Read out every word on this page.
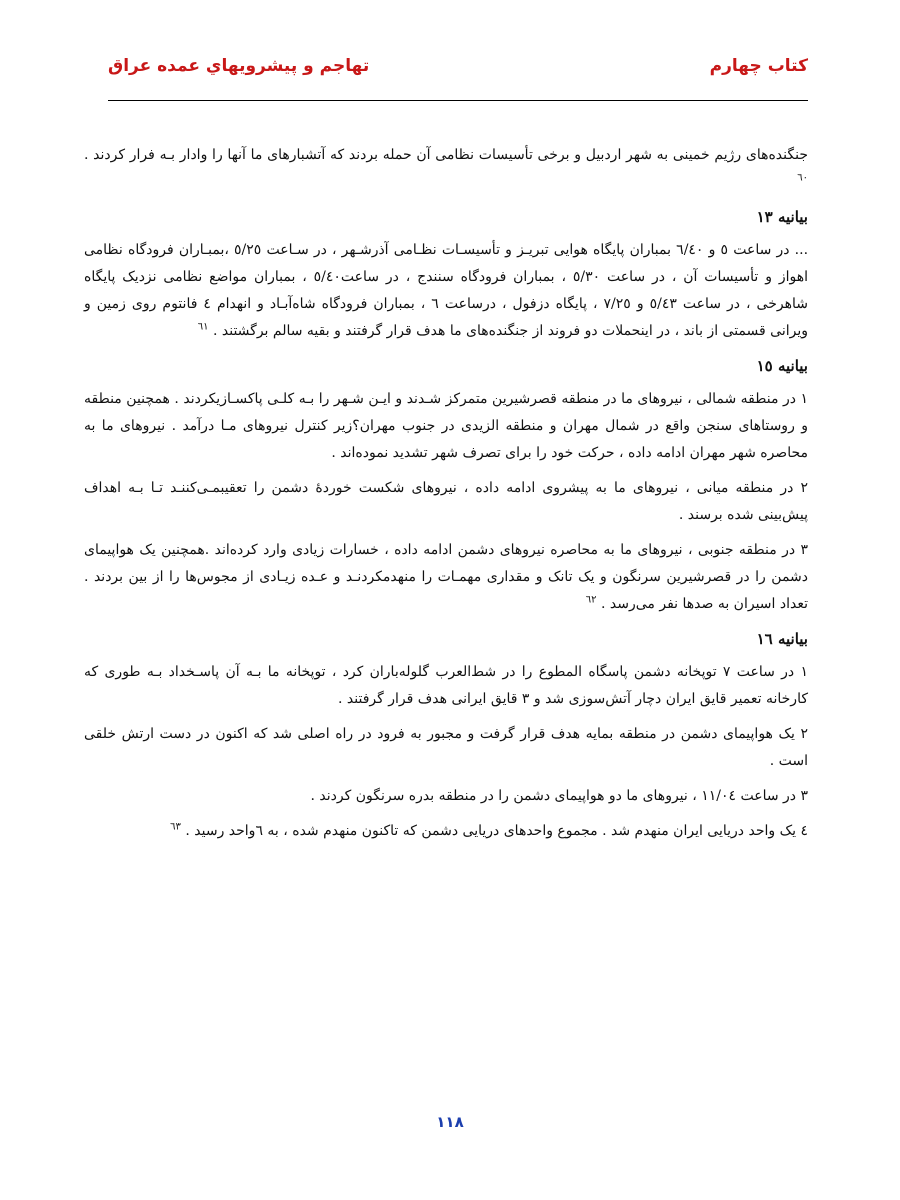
كتاب چهارم
تهاجم و پيشرويهاي عمده عراق

جنگنده‌های رژیم خمینی به شهر اردبیل و برخی تأسیسات نظامی آن حمله بردند که آتشبارهای ما آنها را وادار بـه فرار کردند . $^{٦٠}$

بیانیه ١٣

... در ساعت ٥ و ٦/٤٠ بمباران پایگاه هوایی تبریـز و تأسیسـات نظـامی آذرشـهر ، در سـاعت ٥/٢٥ ،بمبـاران فرودگاه نظامی اهواز و تأسیسات آن ، در ساعت ٥/٣٠ ، بمباران فرودگاه سنندج ، در ساعت٥/٤٠ ، بمباران مواضع نظامی نزدیک پایگاه شاهرخی ، در ساعت ٥/٤٣ و ٧/٢٥ ، پایگاه دزفول ، درساعت ٦ ، بمباران فرودگاه شاه‌آبـاد و انهدام ٤ فانتوم روی زمین و ویرانی قسمتی از باند ، در اینحملات دو فروند از جنگنده‌های ما هدف قرار گرفتند و بقیه سالم برگشتند . $^{٦١}$

بیانیه ١٥

١ در منطقه شمالی ، نیروهای ما در منطقه قصرشیرین متمرکز شـدند و ایـن شـهر را بـه کلـی پاکسـازیکردند . همچنین منطقه و روستاهای سنجن واقع در شمال مهران و منطقه الزیدی در جنوب مهران؟زیر کنترل نیروهای مـا درآمد . نیروهای ما به محاصره شهر مهران ادامه داده ، حرکت خود را برای تصرف شهر تشدید نموده‌اند .

٢ در منطقه میانی ، نیروهای ما به پیشروی ادامه داده ، نیروهای شکست خوردهٔ دشمن را تعقیبمـی‌کننـد تـا بـه اهداف پیش‌بینی شده برسند .

٣ در منطقه جنوبی ، نیروهای ما به محاصره نیروهای دشمن ادامه داده ، خسارات زیادی وارد کرده‌اند .همچنین یک هواپیمای دشمن را در قصرشیرین سرنگون و یک تانک و مقداری مهمـات را منهدمکردنـد و عـده زیـادی از مجوس‌ها را از بین بردند . تعداد اسیران به صدها نفر می‌رسد . $^{٦٢}$

بیانیه ١٦

١ در ساعت ٧ توپخانه دشمن پاسگاه المطوع را در شط‌العرب گلوله‌باران کرد ، توپخانه ما بـه آن پاسـخداد بـه طوری که کارخانه تعمیر قایق ایران دچار آتش‌سوزی شد و ٣ قایق ایرانی هدف قرار گرفتند .

٢ یک هواپیمای دشمن در منطقه بمایه هدف قرار گرفت و مجبور به فرود در راه اصلی شد که اکنون در دست ارتش خلقی است .

٣ در ساعت ١١/٠٤ ، نیروهای ما دو هواپیمای دشمن را در منطقه بدره سرنگون کردند .

٤ یک واحد دریایی ایران منهدم شد . مجموع واحدهای دریایی دشمن که تاکنون منهدم شده ، به ٦واحد رسید . $^{٦٣}$

١١٨
